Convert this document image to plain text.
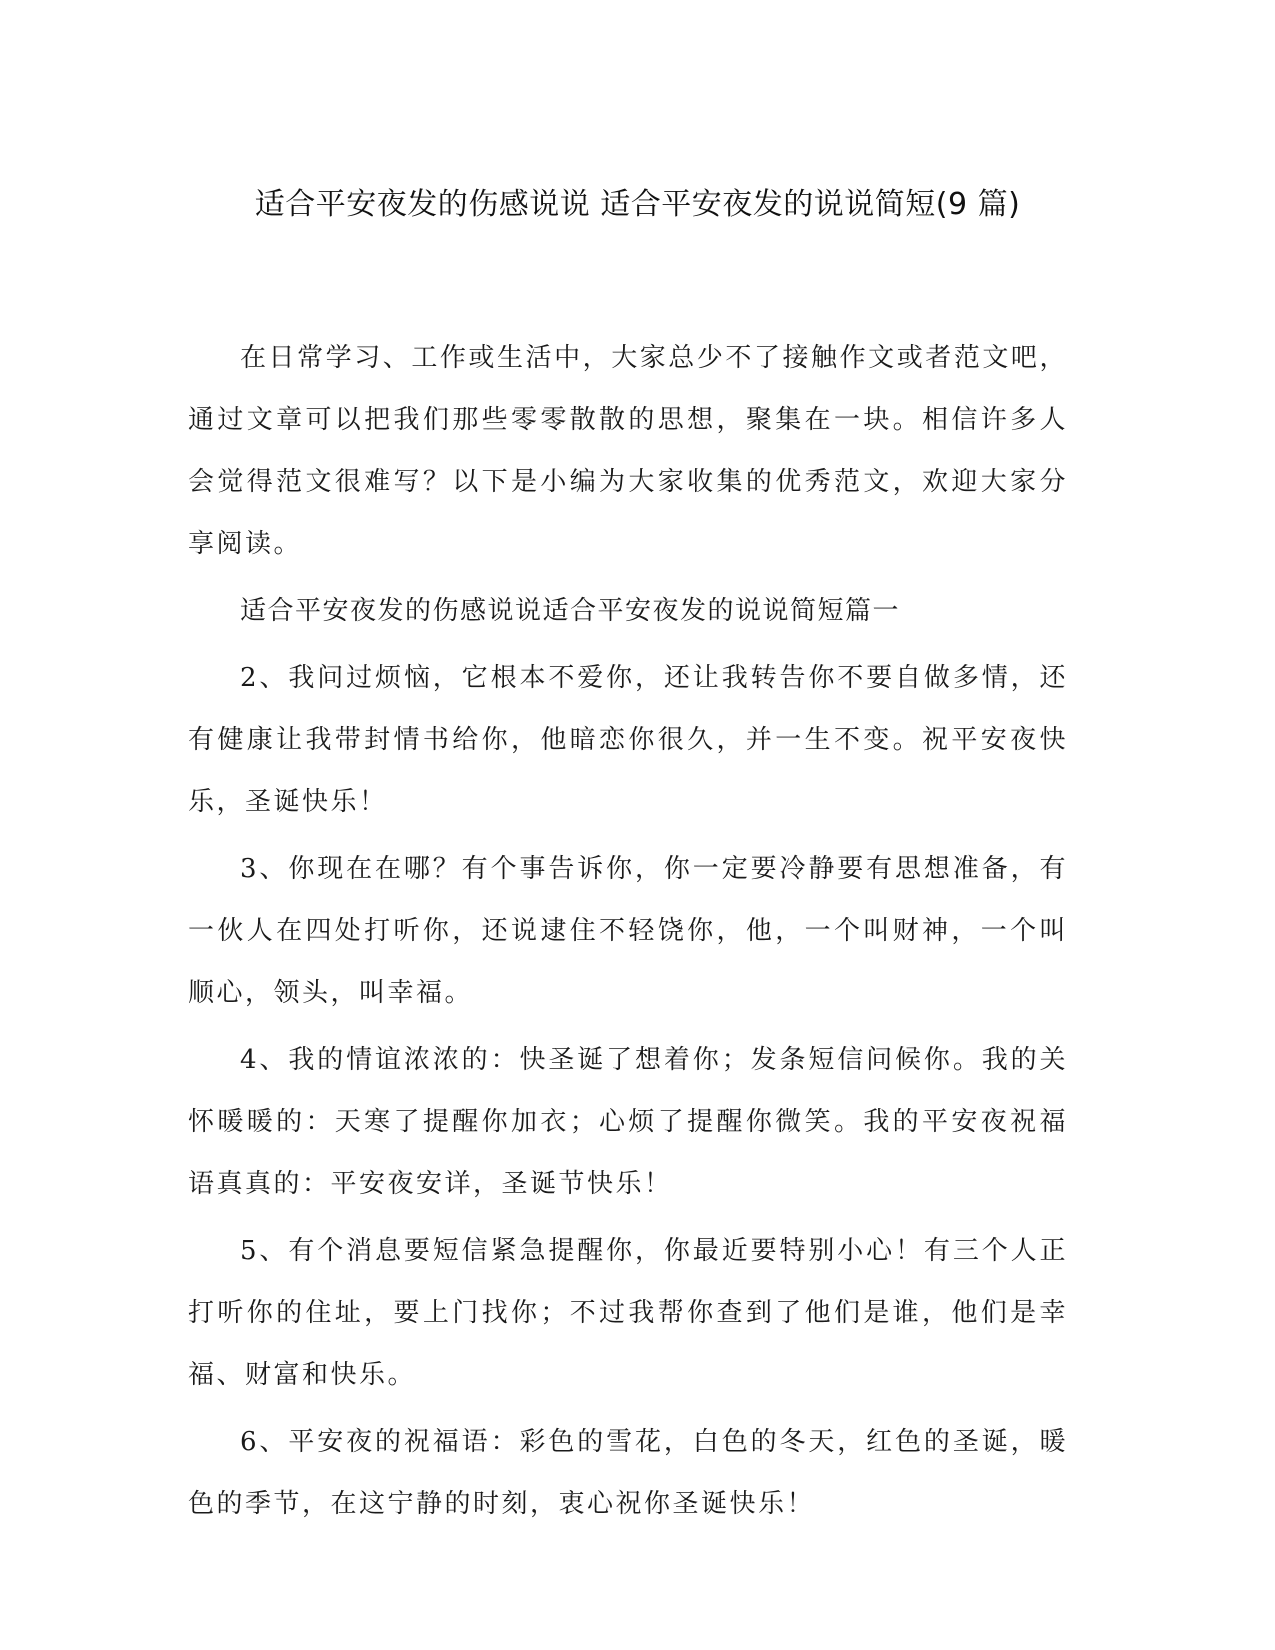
适合平安夜发的伤感说说 适合平安夜发的说说简短(9 篇)

在日常学习、工作或生活中，大家总少不了接触作文或者范文吧，通过文章可以把我们那些零零散散的思想，聚集在一块。相信许多人会觉得范文很难写？以下是小编为大家收集的优秀范文，欢迎大家分享阅读。

适合平安夜发的伤感说说适合平安夜发的说说简短篇一

2、我问过烦恼，它根本不爱你，还让我转告你不要自做多情，还有健康让我带封情书给你，他暗恋你很久，并一生不变。祝平安夜快乐，圣诞快乐！

3、你现在在哪？有个事告诉你，你一定要冷静要有思想准备，有一伙人在四处打听你，还说逮住不轻饶你，他，一个叫财神，一个叫顺心，领头，叫幸福。

4、我的情谊浓浓的：快圣诞了想着你；发条短信问候你。我的关怀暖暖的：天寒了提醒你加衣；心烦了提醒你微笑。我的平安夜祝福语真真的：平安夜安详，圣诞节快乐！

5、有个消息要短信紧急提醒你，你最近要特别小心！有三个人正打听你的住址，要上门找你；不过我帮你查到了他们是谁，他们是幸福、财富和快乐。

6、平安夜的祝福语：彩色的雪花，白色的冬天，红色的圣诞，暖色的季节，在这宁静的时刻，衷心祝你圣诞快乐！
